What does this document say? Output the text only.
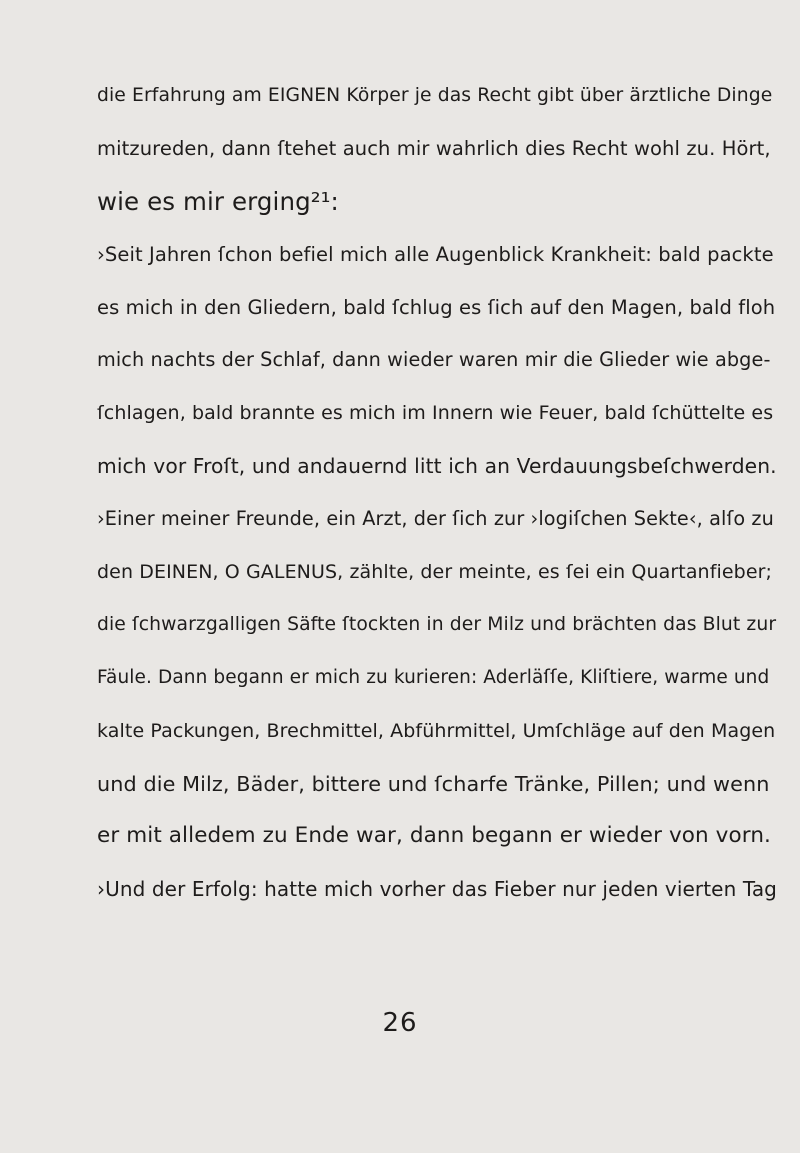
die Erfahrung am EIGNEN Körper je das Recht gibt über ärztliche Dinge
mitzureden, dann ſtehet auch mir wahrlich dies Recht wohl zu. Hört,
wie es mir erging²¹:
›Seit Jahren ſchon befiel mich alle Augenblick Krankheit: bald packte
es mich in den Gliedern, bald ſchlug es ſich auf den Magen, bald floh
mich nachts der Schlaf, dann wieder waren mir die Glieder wie abge-
ſchlagen, bald brannte es mich im Innern wie Feuer, bald ſchüttelte es
mich vor Froſt, und andauernd litt ich an Verdauungsbeſchwerden.
›Einer meiner Freunde, ein Arzt, der ſich zur ›logiſchen Sekte‹, alſo zu
den DEINEN, O GALENUS, zählte, der meinte, es ſei ein Quartanfieber;
die ſchwarzgalligen Säfte ſtockten in der Milz und brächten das Blut zur
Fäule. Dann begann er mich zu kurieren: Aderläſſe, Kliſtiere, warme und
kalte Packungen, Brechmittel, Abführmittel, Umſchläge auf den Magen
und die Milz, Bäder, bittere und ſcharfe Tränke, Pillen; und wenn
er mit alledem zu Ende war, dann begann er wieder von vorn.
›Und der Erfolg: hatte mich vorher das Fieber nur jeden vierten Tag
26
